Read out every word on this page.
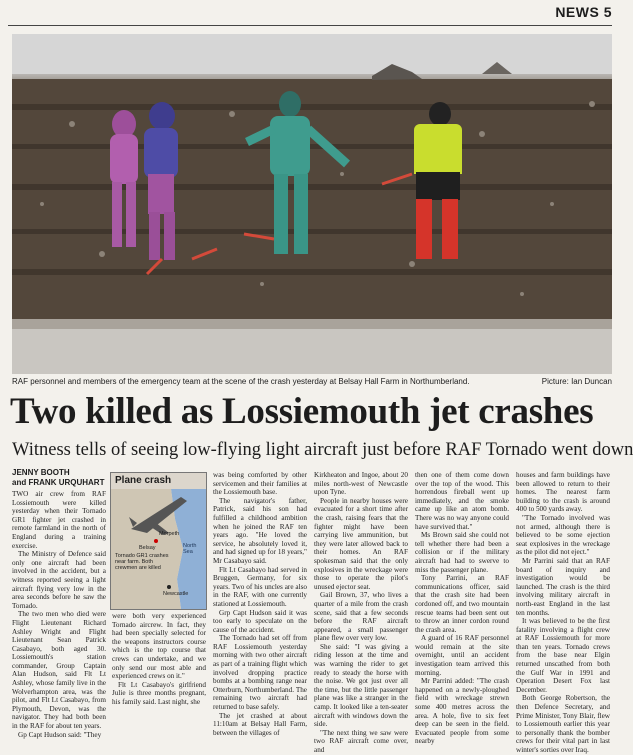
NEWS 5
RAF personnel and members of the emergency team at the scene of the crash yesterday at Belsay Hall Farm in Northumberland.	Picture: Ian Duncan
Two killed as Lossiemouth jet crashes
Witness tells of seeing low-flying light aircraft just before RAF Tornado went down
JENNY BOOTH
and FRANK URQUHART

TWO air crew from RAF Lossiemouth were killed yesterday when their Tornado GR1 fighter jet crashed in remote farmland in the north of England during a training exercise.

The Ministry of Defence said only one aircraft had been involved in the accident, but a witness reported seeing a light aircraft flying very low in the area seconds before he saw the Tornado.

The two men who died were Flight Lieutenant Richard Ashley Wright and Flight Lieutenant Sean Patrick Casabayo, both aged 30. Lossiemouth's station commander, Group Captain Alan Hudson, said Flt Lt Ashley, whose family live in the Wolverhampton area, was the pilot, and Flt Lt Casabayo, from Plymouth, Devon, was the navigator. They had both been in the RAF for about ten years.

Gp Capt Hudson said: "They

Plane crash
Morpeth
North Sea
Belsay
Tornado GR1 crashes near farm. Both crewmen are killed
Newcastle

were both very experienced Tornado aircrew. In fact, they had been specially selected for the weapons instructors course which is the top course that crews can undertake, and we only send our most able and experienced crews on it."

Flt Lt Casabayo's girlfriend Julie is three months pregnant, his family said. Last night, she

was being comforted by other servicemen and their families at the Lossiemouth base.

The navigator's father, Patrick, said his son had fulfilled a childhood ambition when he joined the RAF ten years ago. "He loved the service, he absolutely loved it, and had signed up for 18 years," Mr Casabayo said.

Flt Lt Casabayo had served in Bruggen, Germany, for six years. Two of his uncles are also in the RAF, with one currently stationed at Lossiemouth.

Grp Capt Hudson said it was too early to speculate on the cause of the accident.

The Tornado had set off from RAF Lossiemouth yesterday morning with two other aircraft as part of a training flight which involved dropping practice bombs at a bombing range near Otterburn, Northumberland. The remaining two aircraft had returned to base safely.

The jet crashed at about 11:10am at Belsay Hall Farm, between the villages of

Kirkheaton and Ingoe, about 20 miles north-west of Newcastle upon Tyne.

People in nearby houses were evacuated for a short time after the crash, raising fears that the fighter might have been carrying live ammunition, but they were later allowed back to their homes. An RAF spokesman said that the only explosives in the wreckage were those to operate the pilot's unused ejector seat.

Gail Brown, 37, who lives a quarter of a mile from the crash scene, said that a few seconds before the RAF aircraft appeared, a small passenger plane flew over very low.

She said: "I was giving a riding lesson at the time and was warning the rider to get ready to steady the horse with the noise. We got just over all the time, but the little passenger plane was like a stranger in the camp. It looked like a ten-seater aircraft with windows down the side.

"The next thing we saw were two RAF aircraft come over, and

then one of them come down over the top of the wood. This horrendous fireball went up immediately, and the smoke came up like an atom bomb. There was no way anyone could have survived that."

Ms Brown said she could not tell whether there had been a collision or if the military aircraft had had to swerve to miss the passenger plane.

Tony Parrini, an RAF communications officer, said that the crash site had been cordoned off, and two mountain rescue teams had been sent out to throw an inner cordon round the crash area.

A guard of 16 RAF personnel would remain at the site overnight, until an accident investigation team arrived this morning.

Mr Parrini added: "The crash happened on a newly-ploughed field with wreckage strewn some 400 metres across the area. A hole, five to six feet deep can be seen in the field. Evacuated people from some nearby

houses and farm buildings have been allowed to return to their homes. The nearest farm building to the crash is around 400 to 500 yards away.

"The Tornado involved was not armed, although there is believed to be some ejection seat explosives in the wreckage as the pilot did not eject."

Mr Parrini said that an RAF board of inquiry and investigation would be launched. The crash is the third involving military aircraft in north-east England in the last ten months.

It was believed to be the first fatality involving a flight crew at RAF Lossiemouth for more than ten years. Tornado crews from the base near Elgin returned unscathed from both the Gulf War in 1991 and Operation Desert Fox last December.

Both George Robertson, the then Defence Secretary, and Prime Minister, Tony Blair, flew to Lossiemouth earlier this year to personally thank the bomber crews for their vital part in last winter's sorties over Iraq.
